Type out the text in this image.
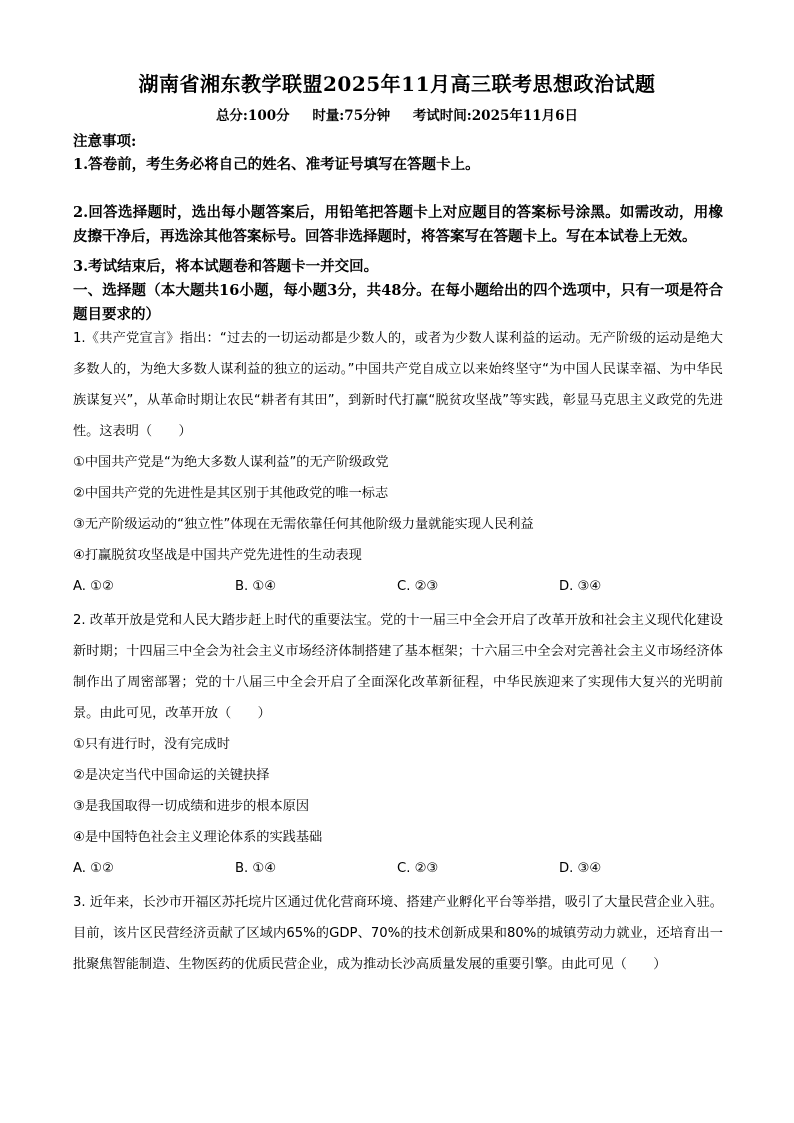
湖南省湘东教学联盟2025年11月高三联考思想政治试题
总分:100分 时量:75分钟 考试时间:2025年11月6日
注意事项:
1.答卷前，考生务必将自己的姓名、准考证号填写在答题卡上。
2.回答选择题时，选出每小题答案后，用铅笔把答题卡上对应题目的答案标号涂黑。如需改动，用橡皮擦干净后，再选涂其他答案标号。回答非选择题时，将答案写在答题卡上。写在本试卷上无效。
3.考试结束后，将本试题卷和答题卡一并交回。
一、选择题（本大题共16小题，每小题3分，共48分。在每小题给出的四个选项中，只有一项是符合题目要求的）
1.《共产党宣言》指出：“过去的一切运动都是少数人的，或者为少数人谋利益的运动。无产阶级的运动是绝大多数人的，为绝大多数人谋利益的独立的运动。”中国共产党自成立以来始终坚守“为中国人民谋幸福、为中华民族谋复兴”，从革命时期让农民“耕者有其田”，到新时代打赢“脱贫攻坚战”等实践，彰显马克思主义政党的先进性。这表明（　　）
①中国共产党是“为绝大多数人谋利益”的无产阶级政党
②中国共产党的先进性是其区别于其他政党的唯一标志
③无产阶级运动的“独立性”体现在无需依靠任何其他阶级力量就能实现人民利益
④打赢脱贫攻坚战是中国共产党先进性的生动表现
A. ①②	B. ①④	C. ②③	D. ③④
2. 改革开放是党和人民大踏步赶上时代的重要法宝。党的十一届三中全会开启了改革开放和社会主义现代化建设新时期；十四届三中全会为社会主义市场经济体制搭建了基本框架；十六届三中全会对完善社会主义市场经济体制作出了周密部署；党的十八届三中全会开启了全面深化改革新征程，中华民族迎来了实现伟大复兴的光明前景。由此可见，改革开放（　　）
①只有进行时，没有完成时
②是决定当代中国命运的关键抉择
③是我国取得一切成绩和进步的根本原因
④是中国特色社会主义理论体系的实践基础
A. ①②	B. ①④	C. ②③	D. ③④
3. 近年来，长沙市开福区苏托垸片区通过优化营商环境、搭建产业孵化平台等举措，吸引了大量民营企业入驻。目前，该片区民营经济贡献了区域内65%的GDP、70%的技术创新成果和80%的城镇劳动力就业，还培育出一批聚焦智能制造、生物医药的优质民营企业，成为推动长沙高质量发展的重要引擎。由此可见（　　）
